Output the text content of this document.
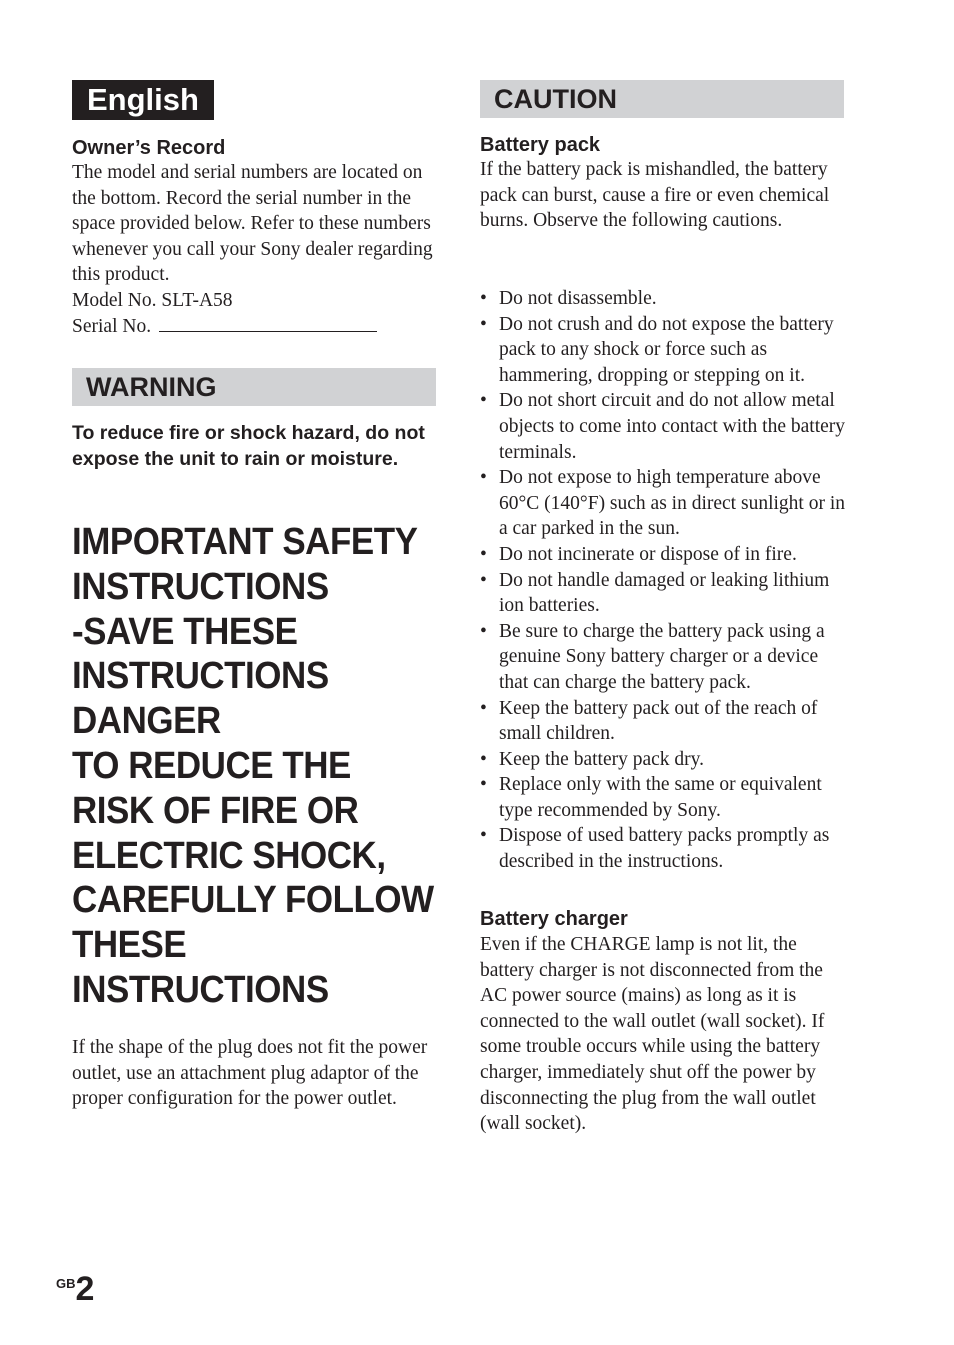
English
Owner’s Record

The model and serial numbers are located on the bottom. Record the serial number in the space provided below. Refer to these numbers whenever you call your Sony dealer regarding this product.

Model No. SLT-A58
Serial No.
WARNING

To reduce fire or shock hazard, do not expose the unit to rain or moisture.

IMPORTANT SAFETY
INSTRUCTIONS
-SAVE THESE
INSTRUCTIONS
DANGER
TO REDUCE THE
RISK OF FIRE OR
ELECTRIC SHOCK,
CAREFULLY FOLLOW
THESE
INSTRUCTIONS

If the shape of the plug does not fit the power outlet, use an attachment plug adaptor of the proper configuration for the power outlet.

CAUTION
Battery pack

If the battery pack is mishandled, the battery pack can burst, cause a fire or even chemical burns. Observe the following cautions.

• Do not disassemble.
• Do not crush and do not expose the battery pack to any shock or force such as hammering, dropping or stepping on it.
• Do not short circuit and do not allow metal objects to come into contact with the battery terminals.
• Do not expose to high temperature above 60°C (140°F) such as in direct sunlight or in a car parked in the sun.
• Do not incinerate or dispose of in fire.
• Do not handle damaged or leaking lithium ion batteries.
• Be sure to charge the battery pack using a genuine Sony battery charger or a device that can charge the battery pack.
• Keep the battery pack out of the reach of small children.
• Keep the battery pack dry.
• Replace only with the same or equivalent type recommended by Sony.
• Dispose of used battery packs promptly as described in the instructions.
Battery charger

Even if the CHARGE lamp is not lit, the battery charger is not disconnected from the AC power source (mains) as long as it is connected to the wall outlet (wall socket). If some trouble occurs while using the battery charger, immediately shut off the power by disconnecting the plug from the wall outlet (wall socket).

$^{GB}$2
